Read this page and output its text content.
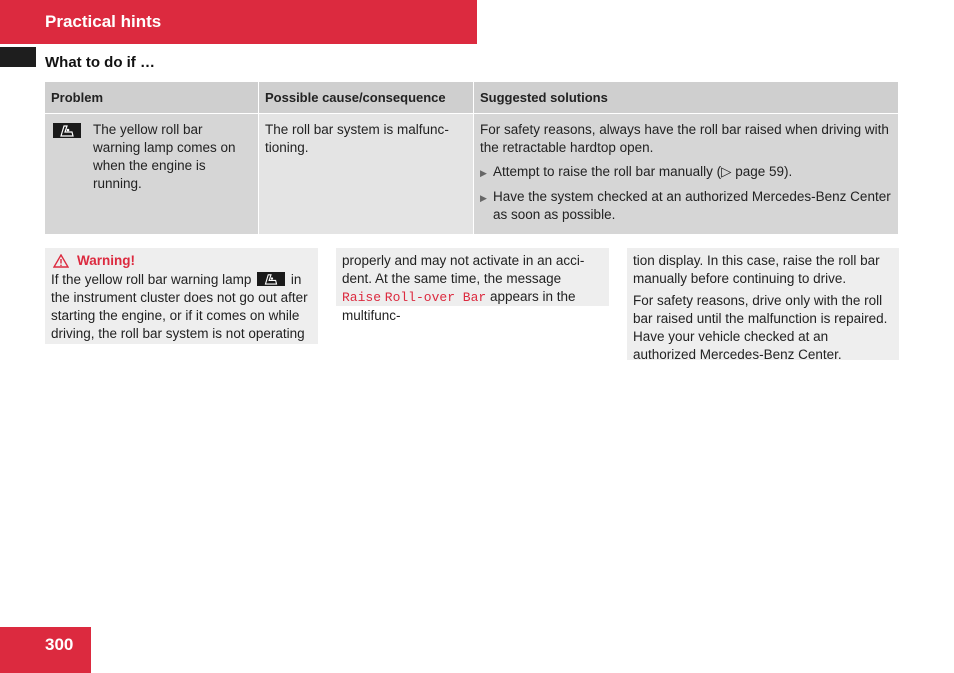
Practical hints
What to do if …
Problem	Possible cause/consequence	Suggested solutions

The yellow roll bar warning lamp comes on when the engine is running.	The roll bar system is malfunctioning.	For safety reasons, always have the roll bar raised when driving with the retractable hardtop open.

▶ Attempt to raise the roll bar manually (▷ page 59).
▶ Have the system checked at an authorized Mercedes-Benz Center as soon as possible.
Warning!

If the yellow roll bar warning lamp	in the instrument cluster does not go out after starting the engine, or if it comes on while driving, the roll bar system is not operating

properly and may not activate in an accident. At the same time, the message Raise Roll-over Bar appears in the multifunc-

tion display. In this case, raise the roll bar manually before continuing to drive.

For safety reasons, drive only with the roll bar raised until the malfunction is repaired. Have your vehicle checked at an authorized Mercedes-Benz Center.

300
